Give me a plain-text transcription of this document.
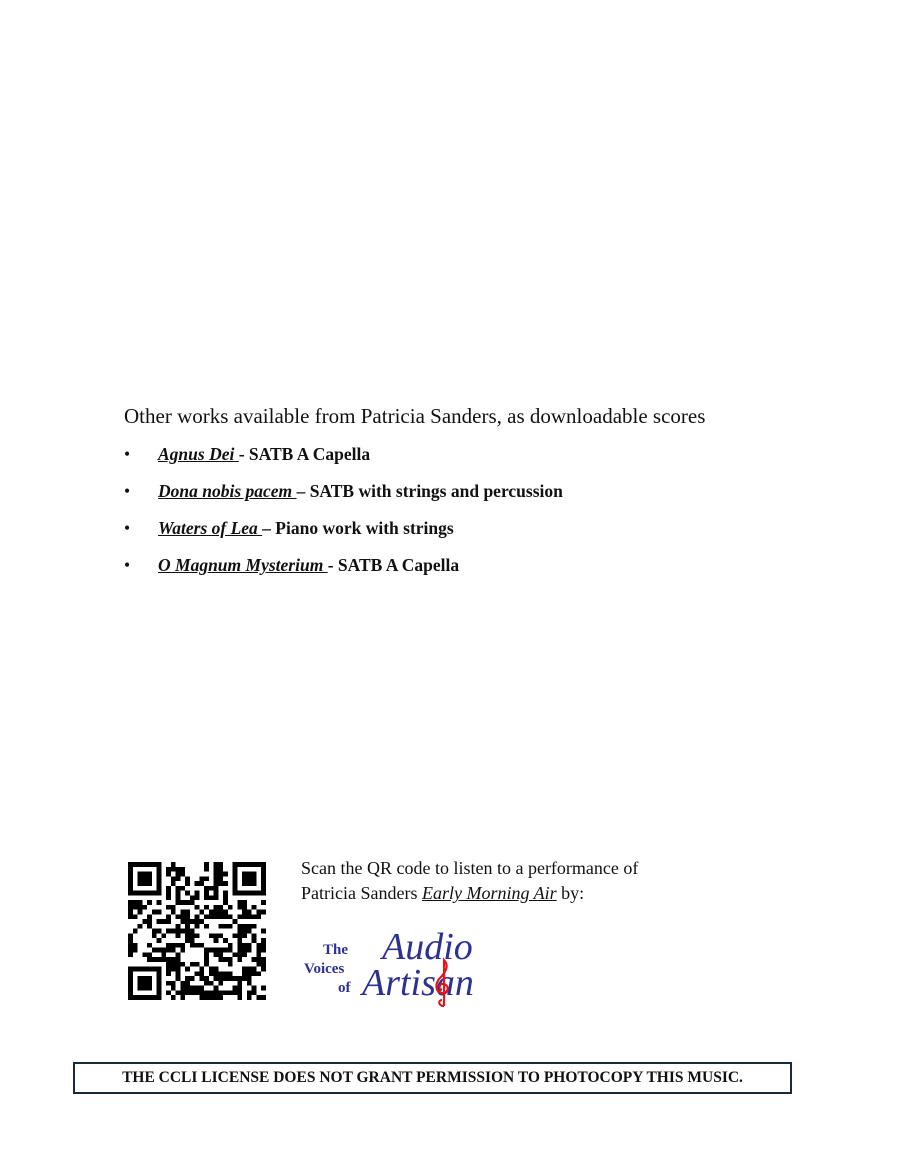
Other works available from Patricia Sanders, as downloadable scores

• Agnus Dei - SATB A Capella
• Dona nobis pacem – SATB with strings and percussion
• Waters of Lea – Piano work with strings
• O Magnum Mysterium - SATB A Capella
Scan the QR code to listen to a performance of
Patricia Sanders Early Morning Air by:
The
Voices
of
Audio
Artisan
THE CCLI LICENSE DOES NOT GRANT PERMISSION TO PHOTOCOPY THIS MUSIC.
